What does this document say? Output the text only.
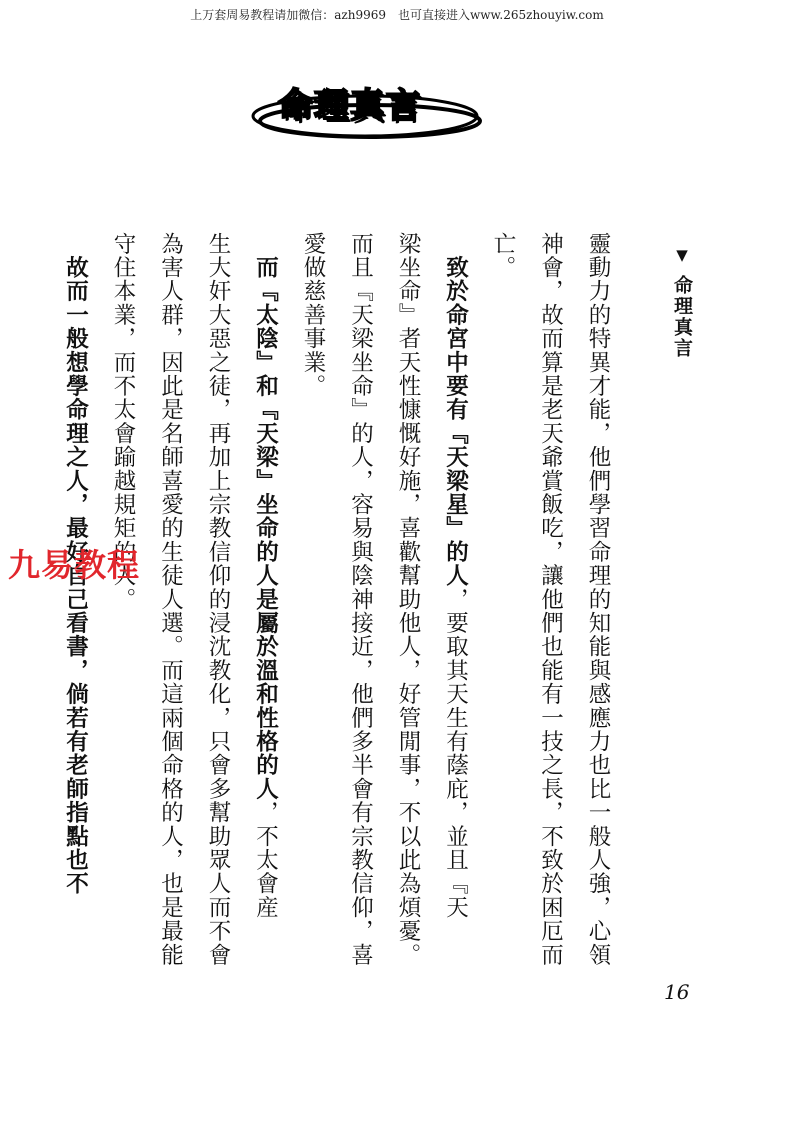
上万套周易教程请加微信：azh9969　也可直接进入www.265zhouyiw.com
命理真言
▼ 命理真言
靈動力的特異才能，他們學習命理的知能與感應力也比一般人強，心領
神會，故而算是老天爺賞飯吃，讓他們也能有一技之長，不致於困厄而
亡。
　致於命宮中要有『天梁星』的人，要取其天生有蔭庇，並且『天
梁坐命』者天性慷慨好施，喜歡幫助他人，好管閒事，不以此為煩憂。
而且『天梁坐命』的人，容易與陰神接近，他們多半會有宗教信仰，喜
愛做慈善事業。
　而『太陰』和『天梁』坐命的人是屬於溫和性格的人，不太會産
生大奸大惡之徒，再加上宗教信仰的浸沈教化，只會多幫助眾人而不會
為害人群，因此是名師喜愛的生徒人選。而這兩個命格的人，也是最能
守住本業，而不太會踰越規矩的人。
　故而一般想學命理之人，最好自己看書，倘若有老師指點也不
16
九易教程
